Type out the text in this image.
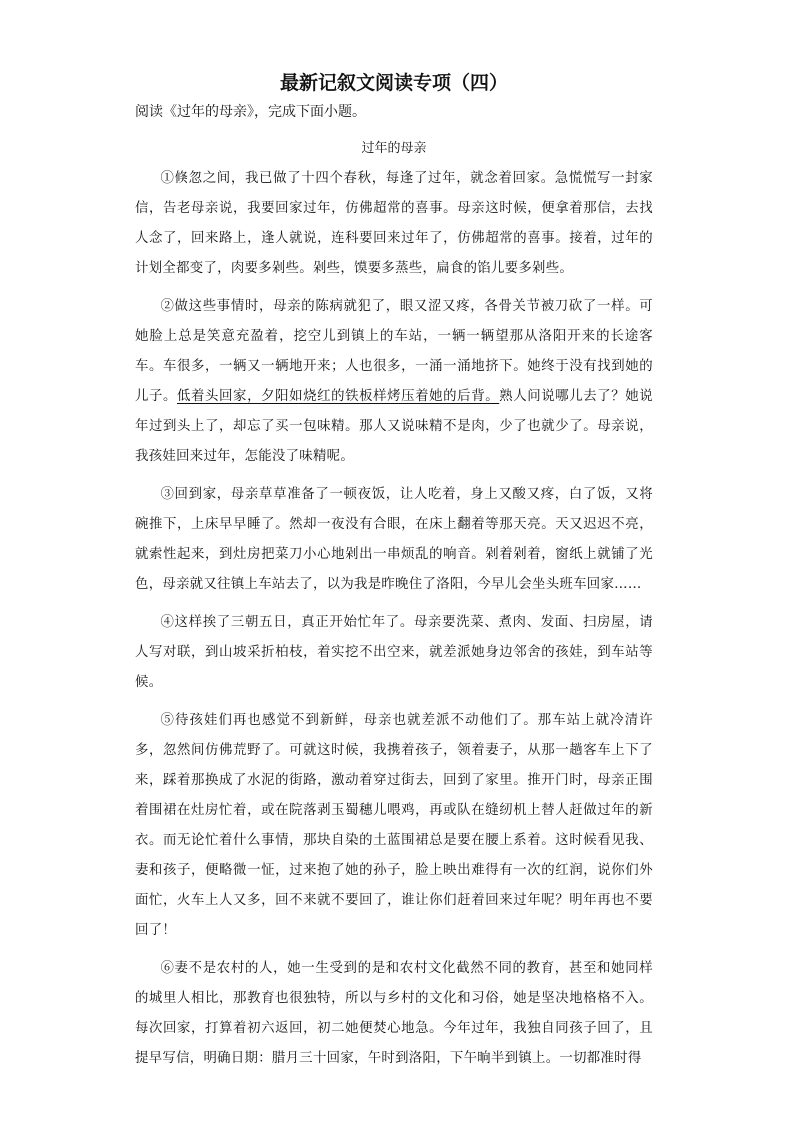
最新记叙文阅读专项（四）

阅读《过年的母亲》，完成下面小题。

过年的母亲

①倏忽之间，我已做了十四个春秋，每逢了过年，就念着回家。急慌慌写一封家信，告老母亲说，我要回家过年，仿佛超常的喜事。母亲这时候，便拿着那信，去找人念了，回来路上，逢人就说，连科要回来过年了，仿佛超常的喜事。接着，过年的计划全都变了，肉要多剁些。剁些，馍要多蒸些，扁食的馅儿要多剁些。

②做这些事情时，母亲的陈病就犯了，眼又涩又疼，各骨关节被刀砍了一样。可她脸上总是笑意充盈着，挖空儿到镇上的车站，一辆一辆望那从洛阳开来的长途客车。车很多，一辆又一辆地开来；人也很多，一涌一涌地挤下。她终于没有找到她的儿子。低着头回家，夕阳如烧红的铁板样烤压着她的后背。熟人问说哪儿去了？她说年过到头上了，却忘了买一包味精。那人又说味精不是肉，少了也就少了。母亲说，我孩娃回来过年，怎能没了味精呢。

③回到家，母亲草草准备了一顿夜饭，让人吃着，身上又酸又疼，白了饭，又将碗推下，上床早早睡了。然却一夜没有合眼，在床上翻着等那天亮。天又迟迟不亮，就索性起来，到灶房把菜刀小心地剁出一串烦乱的响音。剁着剁着，窗纸上就铺了光色，母亲就又往镇上车站去了，以为我是昨晚住了洛阳，今早儿会坐头班车回家……

④这样挨了三朝五日，真正开始忙年了。母亲要洗菜、煮肉、发面、扫房屋，请人写对联，到山坡采折柏枝，着实挖不出空来，就差派她身边邻舍的孩娃，到车站等候。

⑤待孩娃们再也感觉不到新鲜，母亲也就差派不动他们了。那车站上就冷清许多，忽然间仿佛荒野了。可就这时候，我携着孩子，领着妻子，从那一趟客车上下了来，踩着那换成了水泥的街路，激动着穿过街去，回到了家里。推开门时，母亲正围着围裙在灶房忙着，或在院落剥玉蜀穗儿喂鸡，再或队在缝纫机上替人赶做过年的新衣。而无论忙着什么事情，那块自染的土蓝围裙总是要在腰上系着。这时候看见我、妻和孩子，便略微一怔，过来抱了她的孙子，脸上映出难得有一次的红润，说你们外面忙，火车上人又多，回不来就不要回了，谁让你们赶着回来过年呢？明年再也不要回了！

⑥妻不是农村的人，她一生受到的是和农村文化截然不同的教育，甚至和她同样的城里人相比，那教育也很独特，所以与乡村的文化和习俗，她是坚决地格格不入。每次回家，打算着初六返回，初二她便焚心地急。今年过年，我独自同孩子回了，且提早写信，明确日期：腊月三十回家，午时到洛阳，下午晌半到镇上。一切都准时得
